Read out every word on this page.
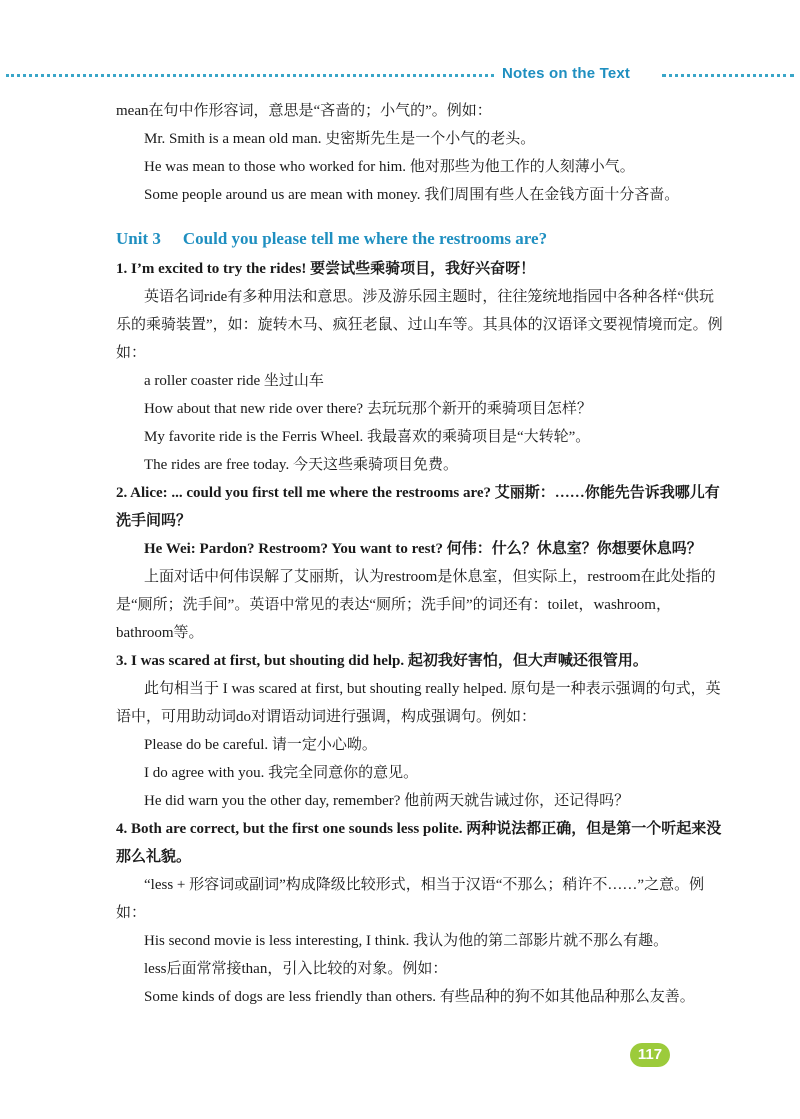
Notes on the Text

mean在句中作形容词，意思是“吝啬的；小气的”。例如：

Mr. Smith is a mean old man. 史密斯先生是一个小气的老头。

He was mean to those who worked for him. 他对那些为他工作的人刻薄小气。

Some people around us are mean with money. 我们周围有些人在金钱方面十分吝啬。

Unit 3 Could you please tell me where the restrooms are?

1. I’m excited to try the rides! 要尝试些乘骑项目，我好兴奋呀！

英语名词ride有多种用法和意思。涉及游乐园主题时，往往笼统地指园中各种各样“供玩乐的乘骑装置”，如：旋转木马、疯狂老鼠、过山车等。其具体的汉语译文要视情境而定。例如：

a roller coaster ride 坐过山车

How about that new ride over there? 去玩玩那个新开的乘骑项目怎样？

My favorite ride is the Ferris Wheel. 我最喜欢的乘骑项目是“大转轮”。

The rides are free today. 今天这些乘骑项目免费。

2. Alice: ... could you first tell me where the restrooms are? 艾丽斯：……你能先告诉我哪儿有洗手间吗？

He Wei: Pardon? Restroom? You want to rest? 何伟：什么？休息室？你想要休息吗？

上面对话中何伟误解了艾丽斯，认为restroom是休息室，但实际上，restroom在此处指的是“厕所；洗手间”。英语中常见的表达“厕所；洗手间”的词还有：toilet，washroom，bathroom等。

3. I was scared at first, but shouting did help. 起初我好害怕，但大声喊还很管用。

此句相当于 I was scared at first, but shouting really helped. 原句是一种表示强调的句式，英语中，可用助动词do对谓语动词进行强调，构成强调句。例如：

Please do be careful. 请一定小心呦。

I do agree with you. 我完全同意你的意见。

He did warn you the other day, remember? 他前两天就告诫过你，还记得吗？

4. Both are correct, but the first one sounds less polite. 两种说法都正确，但是第一个听起来没那么礼貌。

“less + 形容词或副词”构成降级比较形式，相当于汉语“不那么；稍许不……”之意。例如：

His second movie is less interesting, I think. 我认为他的第二部影片就不那么有趣。

less后面常常接than，引入比较的对象。例如：

Some kinds of dogs are less friendly than others. 有些品种的狗不如其他品种那么友善。

117
